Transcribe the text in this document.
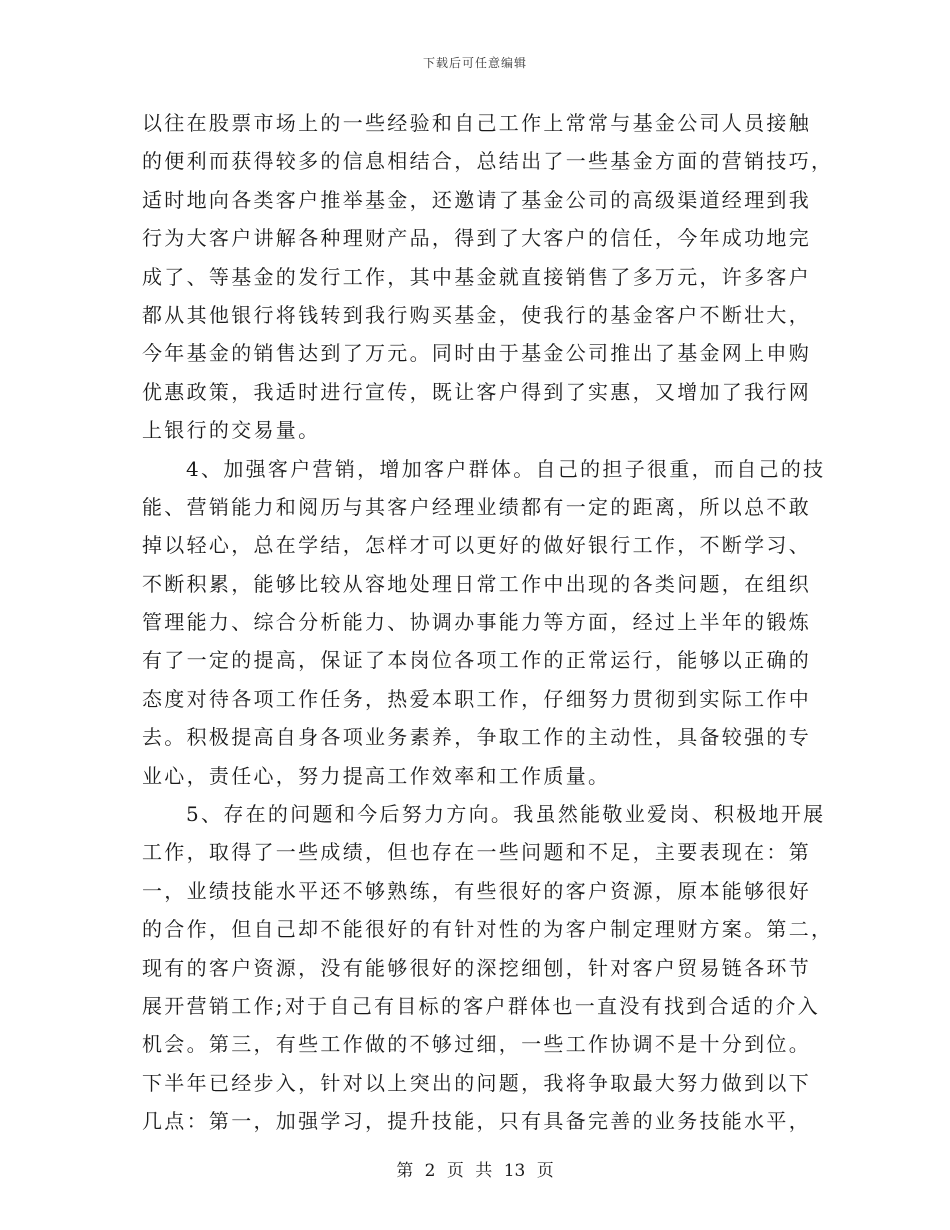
下载后可任意编辑
以往在股票市场上的一些经验和自己工作上常常与基金公司人员接触
的便利而获得较多的信息相结合，总结出了一些基金方面的营销技巧，
适时地向各类客户推举基金，还邀请了基金公司的高级渠道经理到我
行为大客户讲解各种理财产品，得到了大客户的信任，今年成功地完
成了、等基金的发行工作，其中基金就直接销售了多万元，许多客户
都从其他银行将钱转到我行购买基金，使我行的基金客户不断壮大，
今年基金的销售达到了万元。同时由于基金公司推出了基金网上申购
优惠政策，我适时进行宣传，既让客户得到了实惠，又增加了我行网
上银行的交易量。
4、加强客户营销，增加客户群体。自己的担子很重，而自己的技
能、营销能力和阅历与其客户经理业绩都有一定的距离，所以总不敢
掉以轻心，总在学结，怎样才可以更好的做好银行工作，不断学习、
不断积累，能够比较从容地处理日常工作中出现的各类问题，在组织
管理能力、综合分析能力、协调办事能力等方面，经过上半年的锻炼
有了一定的提高，保证了本岗位各项工作的正常运行，能够以正确的
态度对待各项工作任务，热爱本职工作，仔细努力贯彻到实际工作中
去。积极提高自身各项业务素养，争取工作的主动性，具备较强的专
业心，责任心，努力提高工作效率和工作质量。
5、存在的问题和今后努力方向。我虽然能敬业爱岗、积极地开展
工作，取得了一些成绩，但也存在一些问题和不足，主要表现在：第
一，业绩技能水平还不够熟练，有些很好的客户资源，原本能够很好
的合作，但自己却不能很好的有针对性的为客户制定理财方案。第二，
现有的客户资源，没有能够很好的深挖细刨，针对客户贸易链各环节
展开营销工作;对于自己有目标的客户群体也一直没有找到合适的介入
机会。第三，有些工作做的不够过细，一些工作协调不是十分到位。
下半年已经步入，针对以上突出的问题，我将争取最大努力做到以下
几点：第一，加强学习，提升技能，只有具备完善的业务技能水平，
第 2 页 共 13 页
